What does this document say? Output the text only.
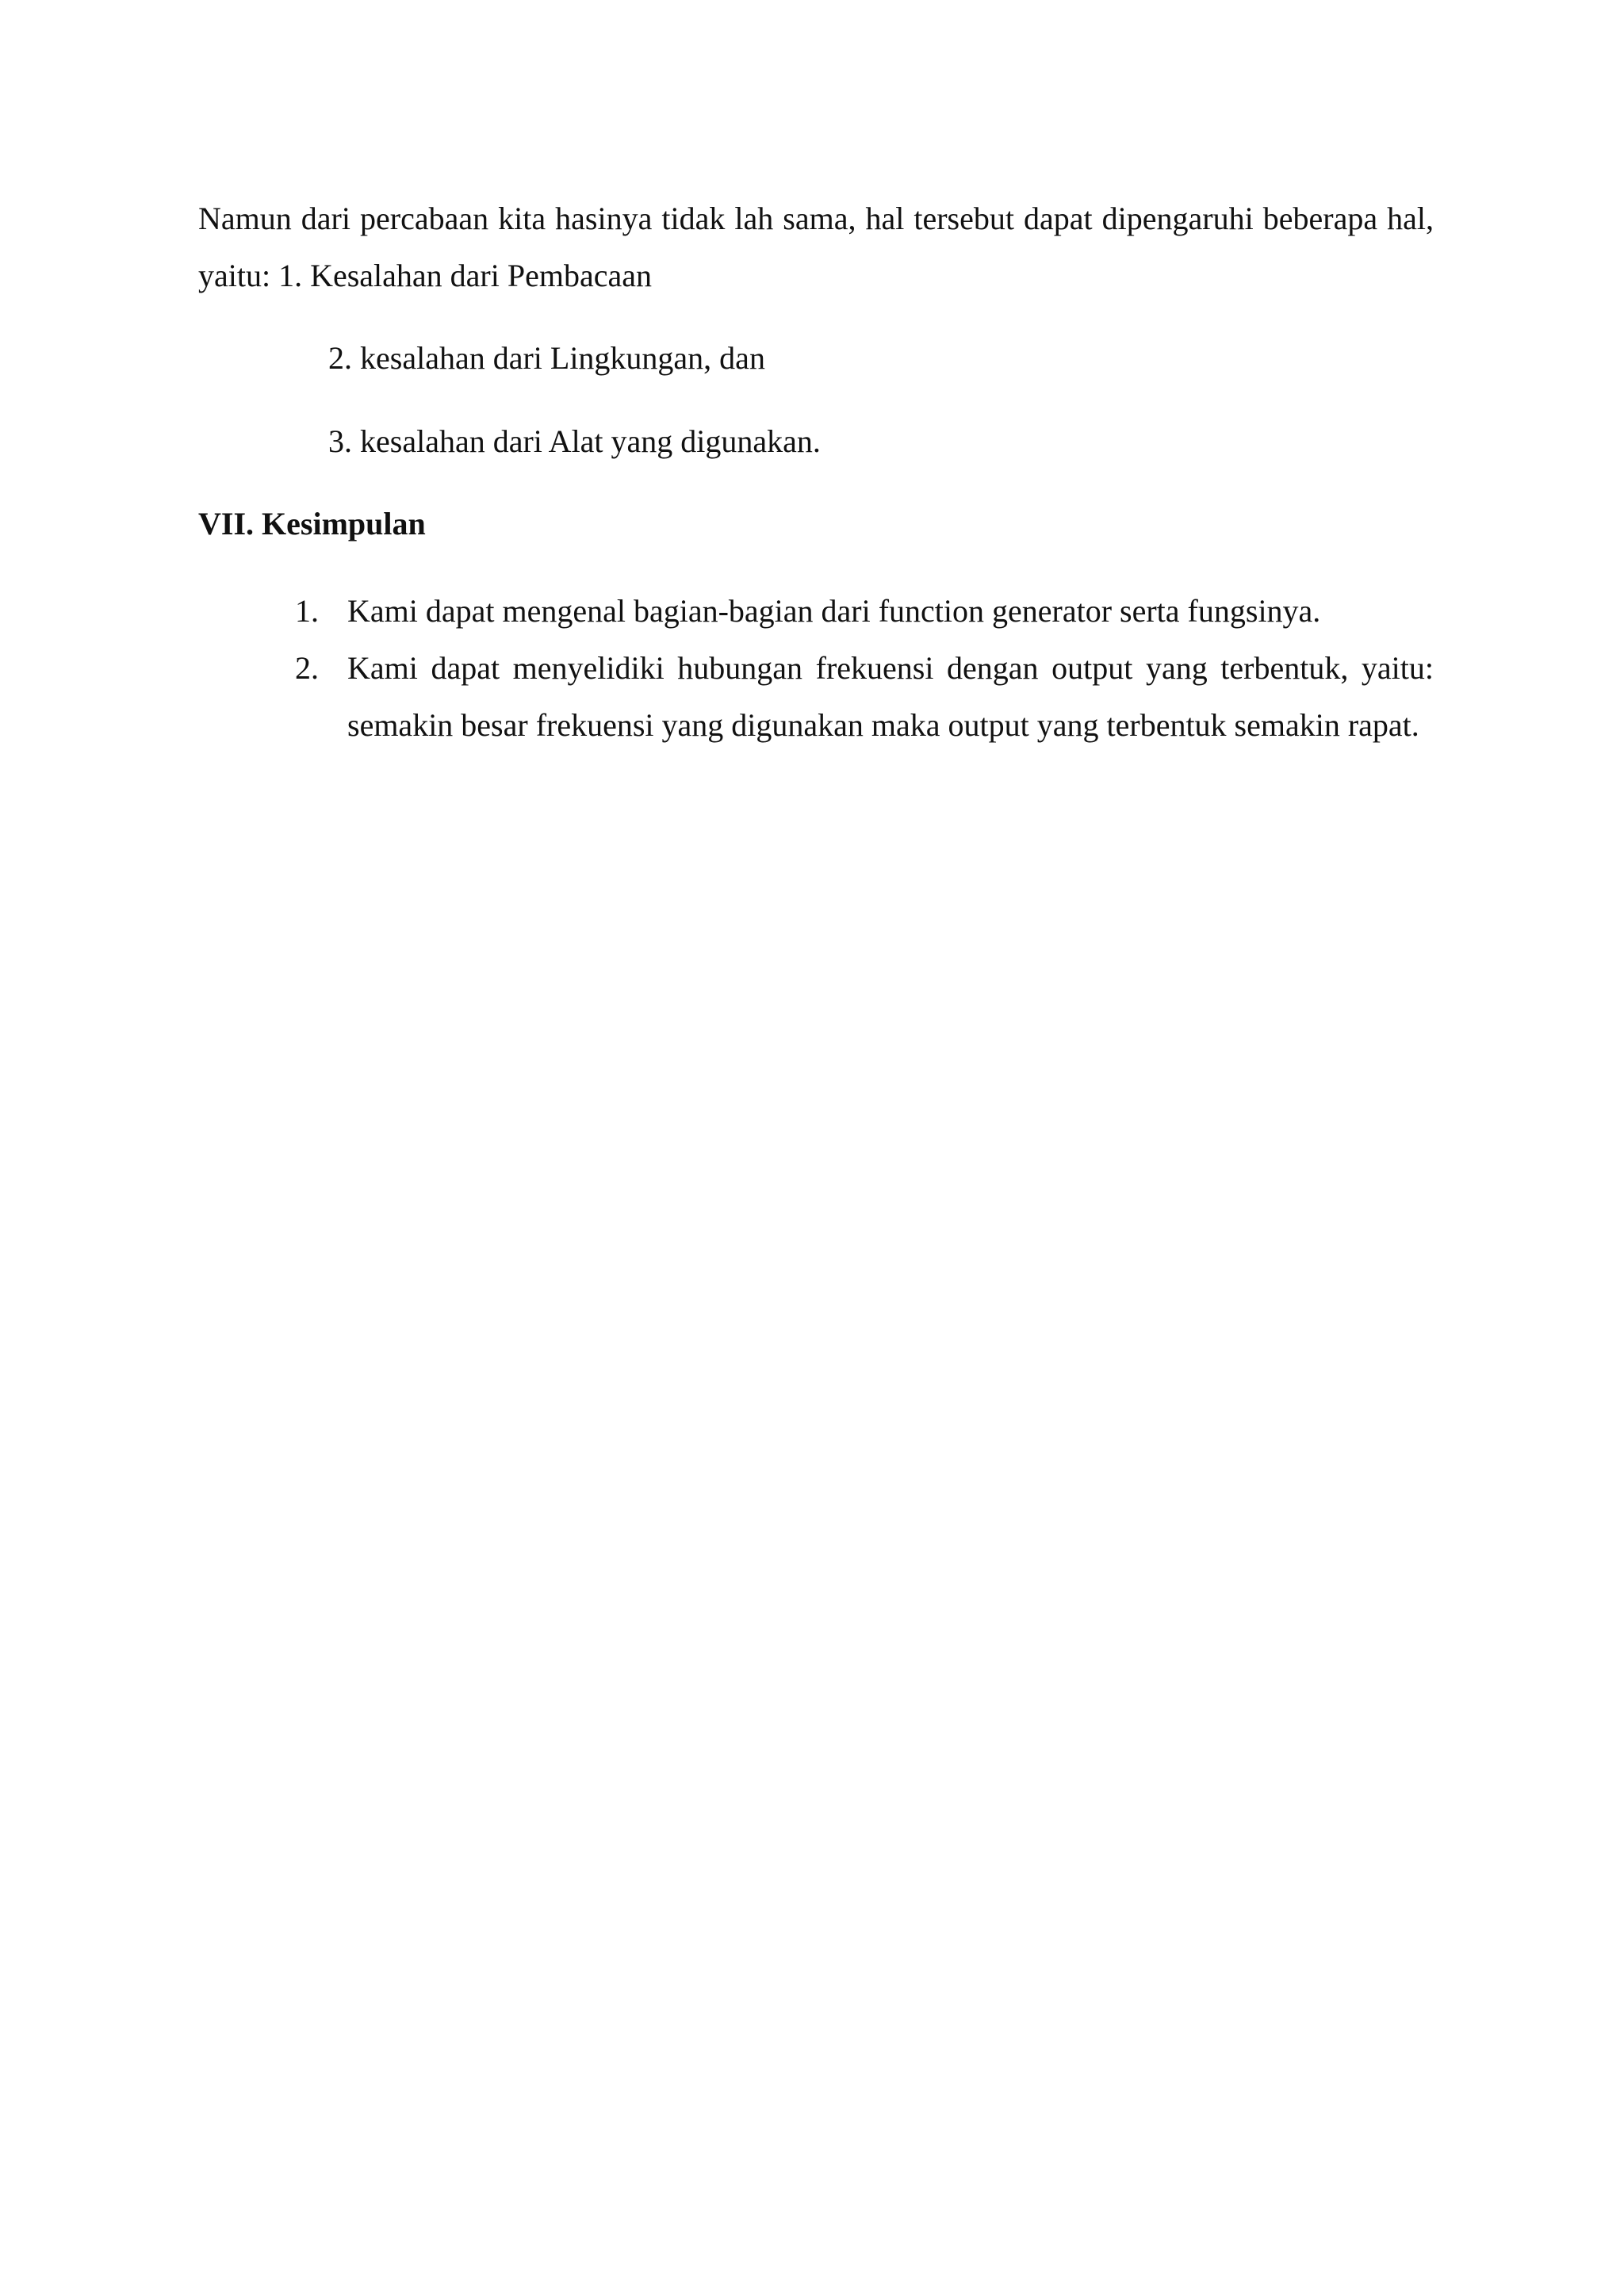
Namun dari percabaan kita hasinya tidak lah sama, hal tersebut dapat dipengaruhi beberapa hal, yaitu: 1. Kesalahan dari Pembacaan

2. kesalahan dari Lingkungan, dan

3. kesalahan dari Alat yang digunakan.

VII. Kesimpulan
1. Kami dapat mengenal bagian-bagian dari function generator serta fungsinya.
2. Kami dapat menyelidiki hubungan frekuensi dengan output yang terbentuk, yaitu: semakin besar frekuensi yang digunakan maka output yang terbentuk semakin rapat.
